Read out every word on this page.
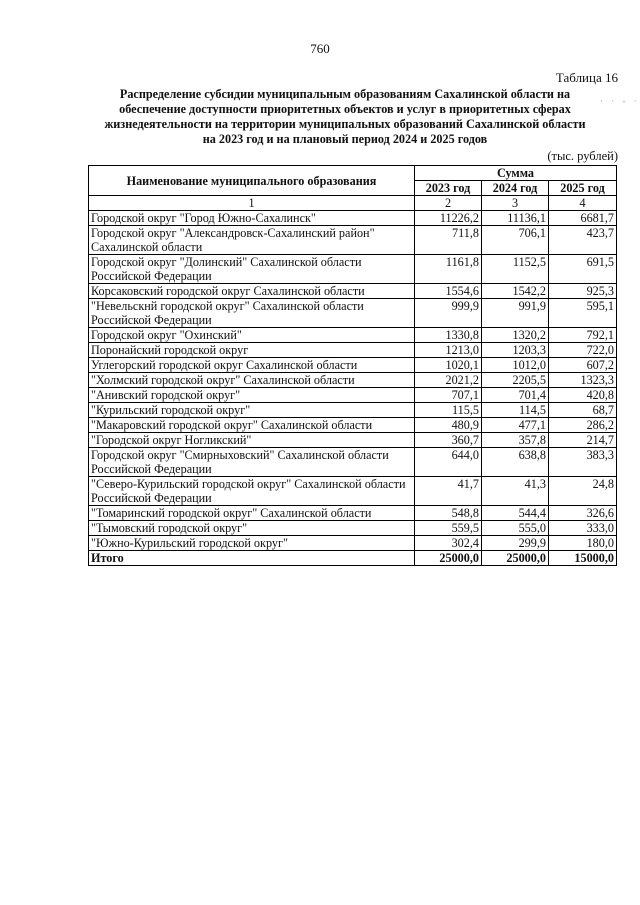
760
Таблица 16
Распределение субсидии муниципальным образованиям Сахалинской области на
обеспечение доступности приоритетных объектов и услуг в приоритетных сферах
жизнедеятельности на территории муниципальных образований Сахалинской области
на 2023 год и на плановый период 2024 и 2025 годов
· · - ·
(тыс. рублей)
Наименование муниципального образования	Сумма		
	2023 год	2024 год	2025 год
1	2	3	4
Городской округ "Город Южно-Сахалинск"	11226,2	11136,1	6681,7
Городской округ "Александровск-Сахалинский район" Сахалинской области	711,8	706,1	423,7
Городской округ "Долинский" Сахалинской области Российской Федерации	1161,8	1152,5	691,5
Корсаковский городской округ Сахалинской области	1554,6	1542,2	925,3
"Невельскнй городской округ" Сахалинской области Российской Федерации	999,9	991,9	595,1
Городской округ "Охинский"	1330,8	1320,2	792,1
Поронайский городской округ	1213,0	1203,3	722,0
Углегорский городской округ Сахалинской области	1020,1	1012,0	607,2
"Холмский городской округ" Сахалинской области	2021,2	2205,5	1323,3
"Анивский городской округ"	707,1	701,4	420,8
"Курильский городской округ"	115,5	114,5	68,7
"Макаровский городской округ" Сахалинской области	480,9	477,1	286,2
"Городской округ Ногликский"	360,7	357,8	214,7
Городской округ "Смирныховский" Сахалинской области Российской Федерации	644,0	638,8	383,3
"Северо-Курильский городской округ" Сахалинской области Российской Федерации	41,7	41,3	24,8
"Томаринский городской округ" Сахалинской области	548,8	544,4	326,6
"Тымовский городской округ"	559,5	555,0	333,0
"Южно-Курильский городской округ"	302,4	299,9	180,0
Итого	25000,0	25000,0	15000,0
